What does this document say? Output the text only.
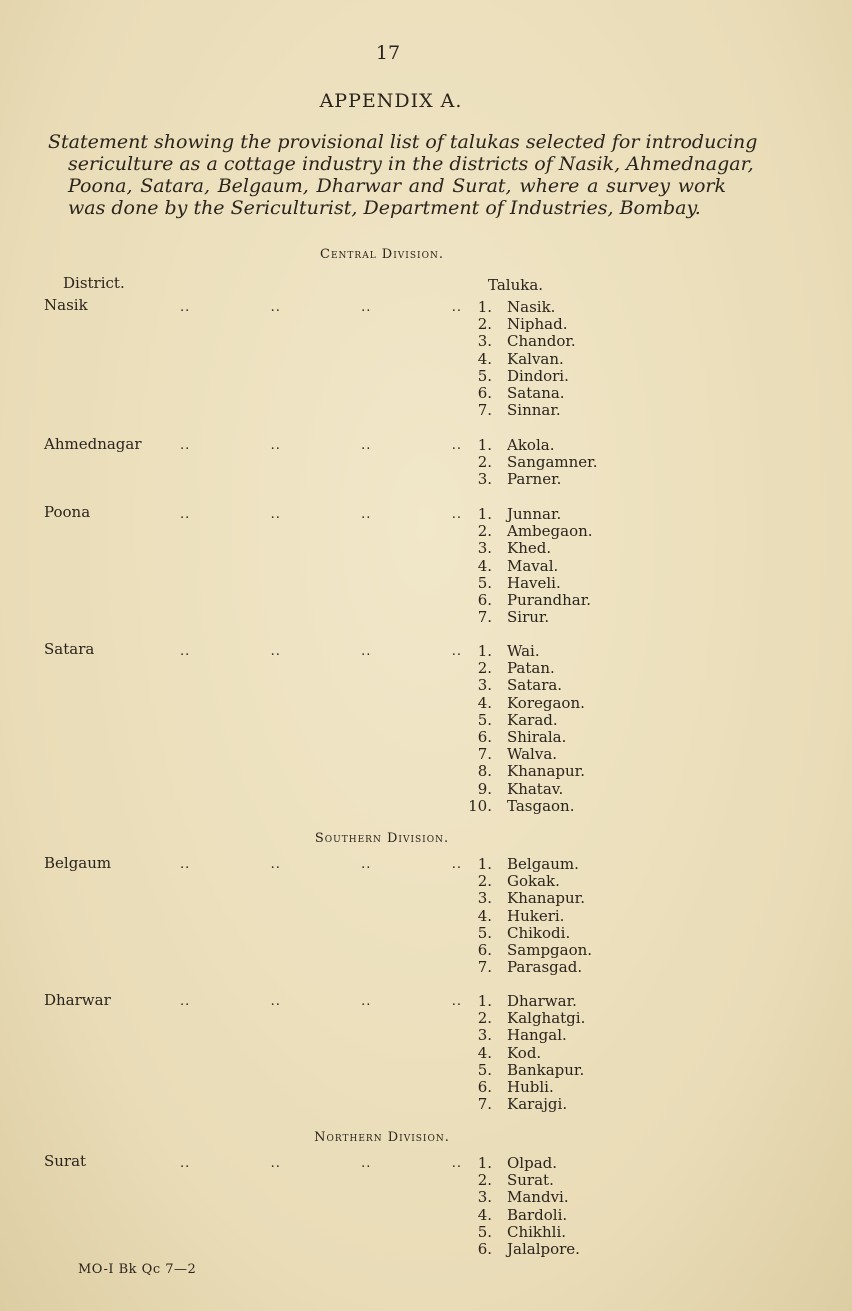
17
APPENDIX A.
Statement showing the provisional list of talukas selected for introducing
sericulture as a cottage industry in the districts of Nasik, Ahmednagar,
Poona, Satara, Belgaum, Dharwar and Surat, where a survey work
was done by the Sericulturist, Department of Industries, Bombay.
Central Division.
District.	Taluka.
Nasik	..	..	..	..	1.	Nasik.
2.	Niphad.
3.	Chandor.
4.	Kalvan.
5.	Dindori.
6.	Satana.
7.	Sinnar.
Ahmednagar	..	..	..	..	1.	Akola.
2.	Sangamner.
3.	Parner.
Poona	..	..	..	..	1.	Junnar.
2.	Ambegaon.
3.	Khed.
4.	Maval.
5.	Haveli.
6.	Purandhar.
7.	Sirur.
Satara	..	..	..	..	1.	Wai.
2.	Patan.
3.	Satara.
4.	Koregaon.
5.	Karad.
6.	Shirala.
7.	Walva.
8.	Khanapur.
9.	Khatav.
10.	Tasgaon.
Southern Division.
Belgaum	..	..	..	..	1.	Belgaum.
2.	Gokak.
3.	Khanapur.
4.	Hukeri.
5.	Chikodi.
6.	Sampgaon.
7.	Parasgad.
Dharwar	..	..	..	..	1.	Dharwar.
2.	Kalghatgi.
3.	Hangal.
4.	Kod.
5.	Bankapur.
6.	Hubli.
7.	Karajgi.
Northern Division.
Surat	..	..	..	..	1.	Olpad.
2.	Surat.
3.	Mandvi.
4.	Bardoli.
5.	Chikhli.
6.	Jalalpore.
MO-I Bk Qc 7—2
